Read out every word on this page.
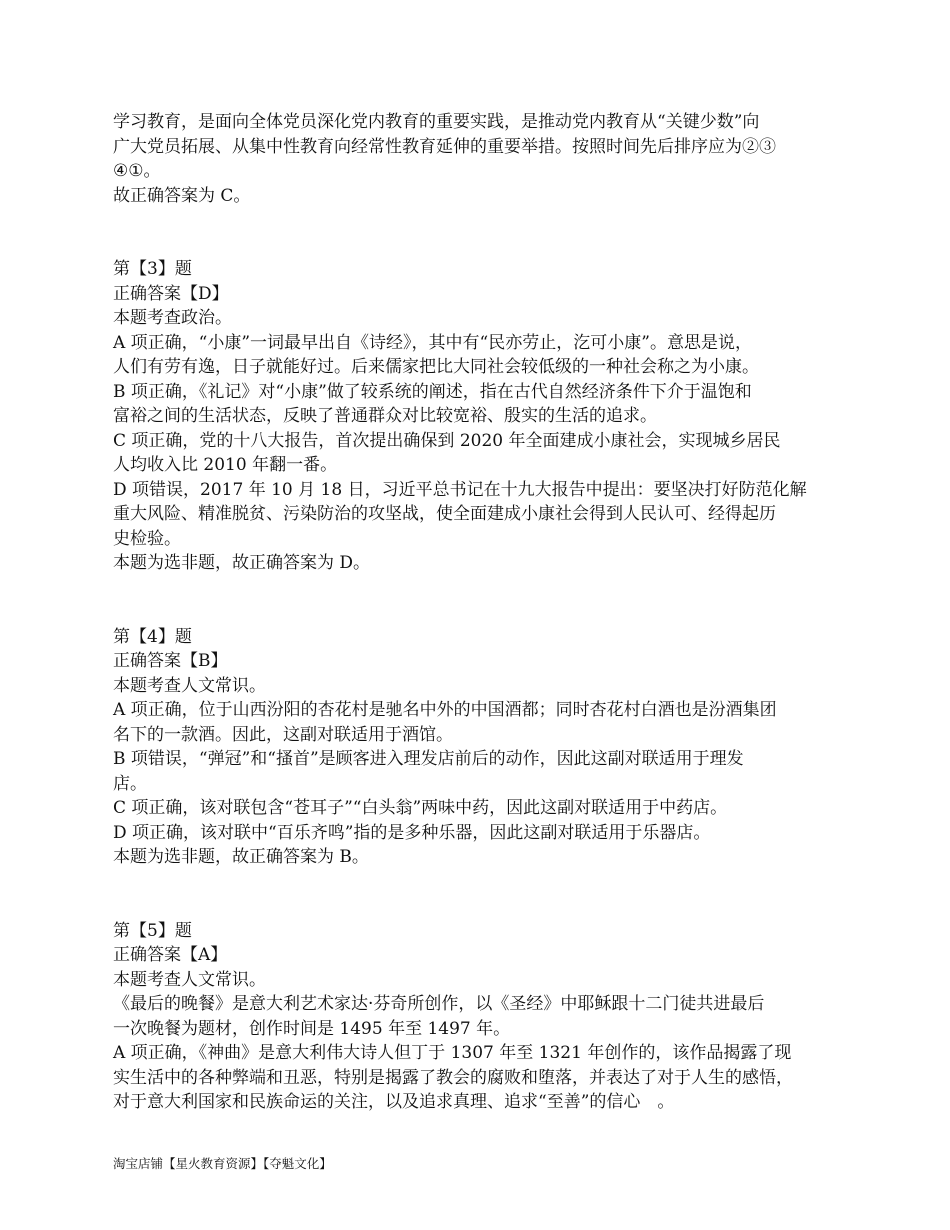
学习教育，是面向全体党员深化党内教育的重要实践，是推动党内教育从“关键少数”向
广大党员拓展、从集中性教育向经常性教育延伸的重要举措。按照时间先后排序应为②③
④①。
故正确答案为 C。
第【3】题
正确答案【D】
本题考查政治。
A 项正确，“小康”一词最早出自《诗经》，其中有“民亦劳止，汔可小康”。意思是说，
人们有劳有逸，日子就能好过。后来儒家把比大同社会较低级的一种社会称之为小康。
B 项正确，《礼记》对“小康”做了较系统的阐述，指在古代自然经济条件下介于温饱和
富裕之间的生活状态，反映了普通群众对比较宽裕、殷实的生活的追求。
C 项正确，党的十八大报告，首次提出确保到 2020 年全面建成小康社会，实现城乡居民
人均收入比 2010 年翻一番。
D 项错误，2017 年 10 月 18 日，习近平总书记在十九大报告中提出：要坚决打好防范化解
重大风险、精准脱贫、污染防治的攻坚战，使全面建成小康社会得到人民认可、经得起历
史检验。
本题为选非题，故正确答案为 D。
第【4】题
正确答案【B】
本题考查人文常识。
A 项正确，位于山西汾阳的杏花村是驰名中外的中国酒都；同时杏花村白酒也是汾酒集团
名下的一款酒。因此，这副对联适用于酒馆。
B 项错误，“弹冠”和“搔首”是顾客进入理发店前后的动作，因此这副对联适用于理发
店。
C 项正确，该对联包含“苍耳子”“白头翁”两味中药，因此这副对联适用于中药店。
D 项正确，该对联中“百乐齐鸣”指的是多种乐器，因此这副对联适用于乐器店。
本题为选非题，故正确答案为 B。
第【5】题
正确答案【A】
本题考查人文常识。
《最后的晚餐》是意大利艺术家达·芬奇所创作，以《圣经》中耶稣跟十二门徒共进最后
一次晚餐为题材，创作时间是 1495 年至 1497 年。
A 项正确，《神曲》是意大利伟大诗人但丁于 1307 年至 1321 年创作的，该作品揭露了现
实生活中的各种弊端和丑恶，特别是揭露了教会的腐败和堕落，并表达了对于人生的感悟，
对于意大利国家和民族命运的关注，以及追求真理、追求“至善”的信心　。
淘宝店铺【星火教育资源】【夺魁文化】
